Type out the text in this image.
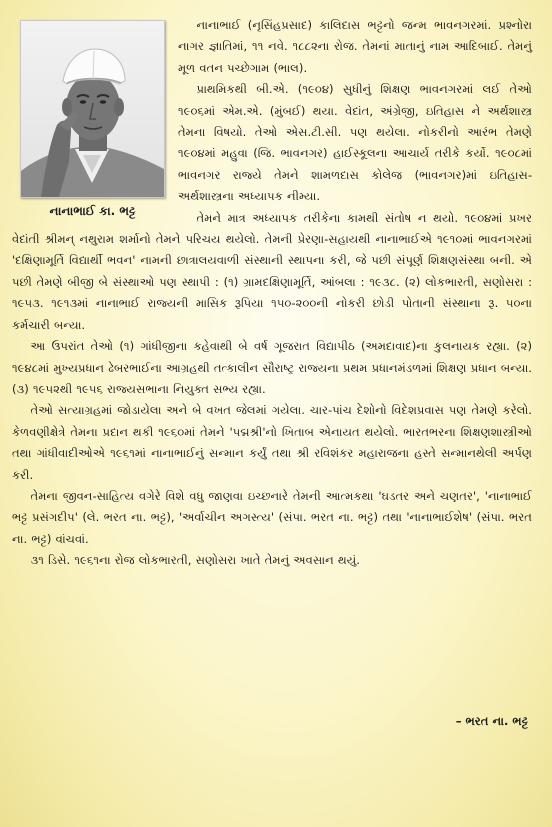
નાનાભાઈ કા. ભટ્ટ

નાનાભાઈ (નૃસિંહપ્રસાદ) કાલિદાસ ભટ્ટનો જન્મ ભાવનગરમાં. પ્રશ્નોરા નાગર જ્ઞાતિમાં, ૧૧ નવે. ૧૮૮૨ના રોજ. તેમનાં માતાનું નામ આદિબાઈ. તેમનું મૂળ વતન પચ્છેગામ (ભાલ).

પ્રાથમિકથી બી.એ. (૧૯૦૪) સુધીનું શિક્ષણ ભાવનગરમાં લઈ તેઓ ૧૯૦૬માં એમ.એ. (મુંબઈ) થયા. વેદાંત, અંગ્રેજી, ઇતિહાસ ને અર્થશાસ્ત્ર તેમના વિષયો. તેઓ એસ.ટી.સી. પણ થયેલા. નોકરીનો આરંભ તેમણે ૧૯૦૪માં મહુવા (જિ. ભાવનગર) હાઈસ્કૂલના આચાર્ય તરીકે કર્યો. ૧૯૦૮માં ભાવનગર રાજ્યે તેમને શામળદાસ કોલેજ (ભાવનગર)માં ઇતિહાસ-અર્થશાસ્ત્રના અધ્યાપક નીમ્યા.

તેમને માત્ર અધ્યાપક તરીકેના કામથી સંતોષ ન થયો. ૧૯૦૪માં પ્રખર વેદાંતી શ્રીમન્ નથુરામ શર્માનો તેમને પરિચય થયેલો. તેમની પ્રેરણા-સહાયથી નાનાભાઈએ ૧૯૧૦માં ભાવનગરમાં 'દક્ષિણામૂર્તિ વિદ્યાર્થી ભવન' નામની છાત્રાલયવાળી સંસ્થાની સ્થાપના કરી, જે પછી સંપૂર્ણ શિક્ષણસંસ્થા બની. એ પછી તેમણે બીજી બે સંસ્થાઓ પણ સ્થાપી : (૧) ગ્રામદક્ષિણામૂર્તિ, આંબલા : ૧૯૩૮. (૨) લોકભારતી, સણોસરા : ૧૯૫૩. ૧૯૧૩માં નાનાભાઈ રાજ્યની માસિક રૂપિયા ૧૫૦-૨૦૦ની નોકરી છોડી પોતાની સંસ્થાના રૂ. ૫૦ના કર્મચારી બન્યા.

આ ઉપરાંત તેઓ (૧) ગાંધીજીના કહેવાથી બે વર્ષ ગૂજરાત વિદ્યાપીઠ (અમદાવાદ)ના કુલનાયક રહ્યા. (૨) ૧૯૪૮માં મુખ્યપ્રધાન ઢેબરભાઈના આગ્રહથી તત્કાલીન સૌરાષ્ટ્ર રાજ્યના પ્રથમ પ્રધાનમંડળમાં શિક્ષણ પ્રધાન બન્યા. (૩) ૧૯૫૨થી ૧૯૫૬ રાજ્યસભાના નિયુક્ત સભ્ય રહ્યા.

તેઓ સત્યાગ્રહમાં જોડાયેલા અને બે વખત જેલમાં ગયેલા. ચાર-પાંચ દેશોનો વિદેશપ્રવાસ પણ તેમણે કરેલો. કેળવણીક્ષેત્રે તેમના પ્રદાન થકી ૧૯૬૦માં તેમને 'પદ્મશ્રી'નો ખિતાબ એનાયત થયેલો. ભારતભરના શિક્ષણશાસ્ત્રીઓ તથા ગાંધીવાદીઓએ ૧૯૬૧માં નાનાભાઈનું સન્માન કર્યું તથા શ્રી રવિશંકર મહારાજના હસ્તે સન્માનથેલી અર્પણ કરી.

તેમના જીવન-સાહિત્ય વગેરે વિશે વધુ જાણવા ઇચ્છનારે તેમની આત્મકથા 'ઘડતર અને ચણતર', 'નાનાભાઈ ભટ્ટ પ્રસંગદીપ' (લે. ભરત ના. ભટ્ટ), 'અર્વાચીન અગસ્ત્ય' (સંપા. ભરત ના. ભટ્ટ) તથા 'નાનાભાઈશેષ' (સંપા. ભરત ના. ભટ્ટ) વાંચવાં.

૩૧ ડિસે. ૧૯૬૧ના રોજ લોકભારતી, સણોસરા ખાતે તેમનું અવસાન થયું.

– ભરત ના. ભટ્ટ
